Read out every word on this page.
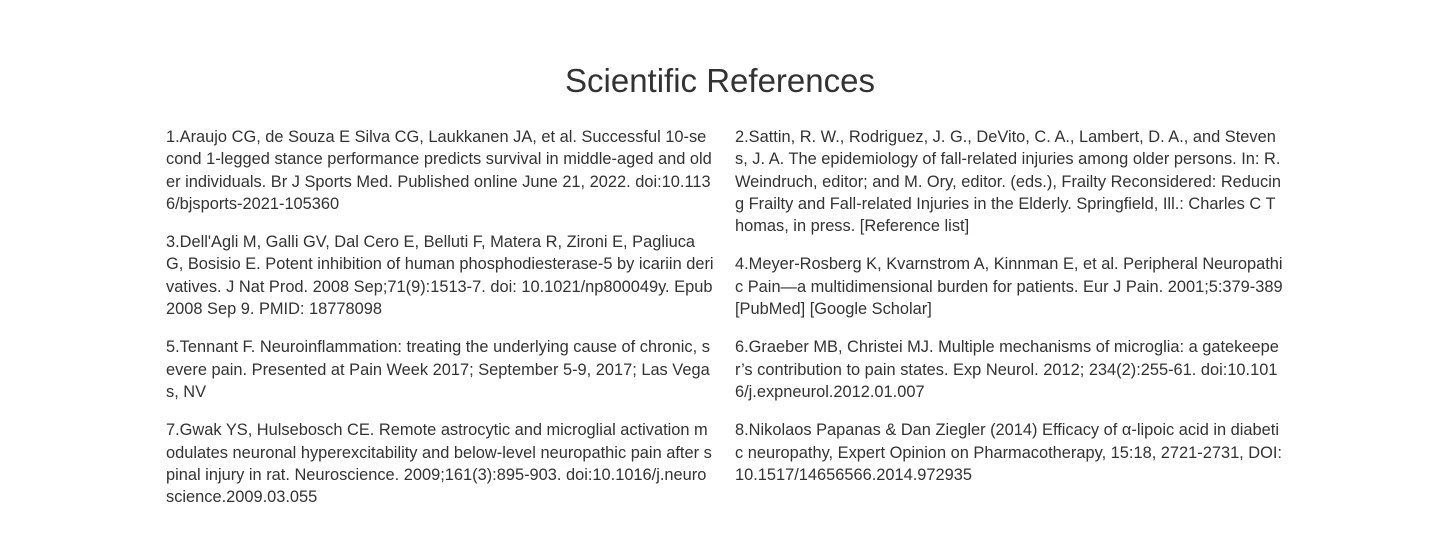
Scientific References

1.Araujo CG, de Souza E Silva CG, Laukkanen JA, et al. Successful 10-second 1-legged stance performance predicts survival in middle-aged and older individuals. Br J Sports Med. Published online June 21, 2022. doi:10.1136/bjsports-2021-105360

3.Dell'Agli M, Galli GV, Dal Cero E, Belluti F, Matera R, Zironi E, Pagliuca G, Bosisio E. Potent inhibition of human phosphodiesterase-5 by icariin derivatives. J Nat Prod. 2008 Sep;71(9):1513-7. doi: 10.1021/np800049y. Epub 2008 Sep 9. PMID: 18778098

5.Tennant F. Neuroinflammation: treating the underlying cause of chronic, severe pain. Presented at Pain Week 2017; September 5-9, 2017; Las Vegas, NV

7.Gwak YS, Hulsebosch CE. Remote astrocytic and microglial activation modulates neuronal hyperexcitability and below-level neuropathic pain after spinal injury in rat. Neuroscience. 2009;161(3):895-903. doi:10.1016/j.neuroscience.2009.03.055

2.Sattin, R. W., Rodriguez, J. G., DeVito, C. A., Lambert, D. A., and Stevens, J. A. The epidemiology of fall-related injuries among older persons. In: R. Weindruch, editor; and M. Ory, editor. (eds.), Frailty Reconsidered: Reducing Frailty and Fall-related Injuries in the Elderly. Springfield, Ill.: Charles C Thomas, in press. [Reference list]

4.Meyer-Rosberg K, Kvarnstrom A, Kinnman E, et al. Peripheral Neuropathic Pain—a multidimensional burden for patients. Eur J Pain. 2001;5:379-389 [PubMed] [Google Scholar]

6.Graeber MB, Christei MJ. Multiple mechanisms of microglia: a gatekeeper’s contribution to pain states. Exp Neurol. 2012; 234(2):255-61. doi:10.1016/j.expneurol.2012.01.007

8.Nikolaos Papanas & Dan Ziegler (2014) Efficacy of α-lipoic acid in diabetic neuropathy, Expert Opinion on Pharmacotherapy, 15:18, 2721-2731, DOI: 10.1517/14656566.2014.972935
